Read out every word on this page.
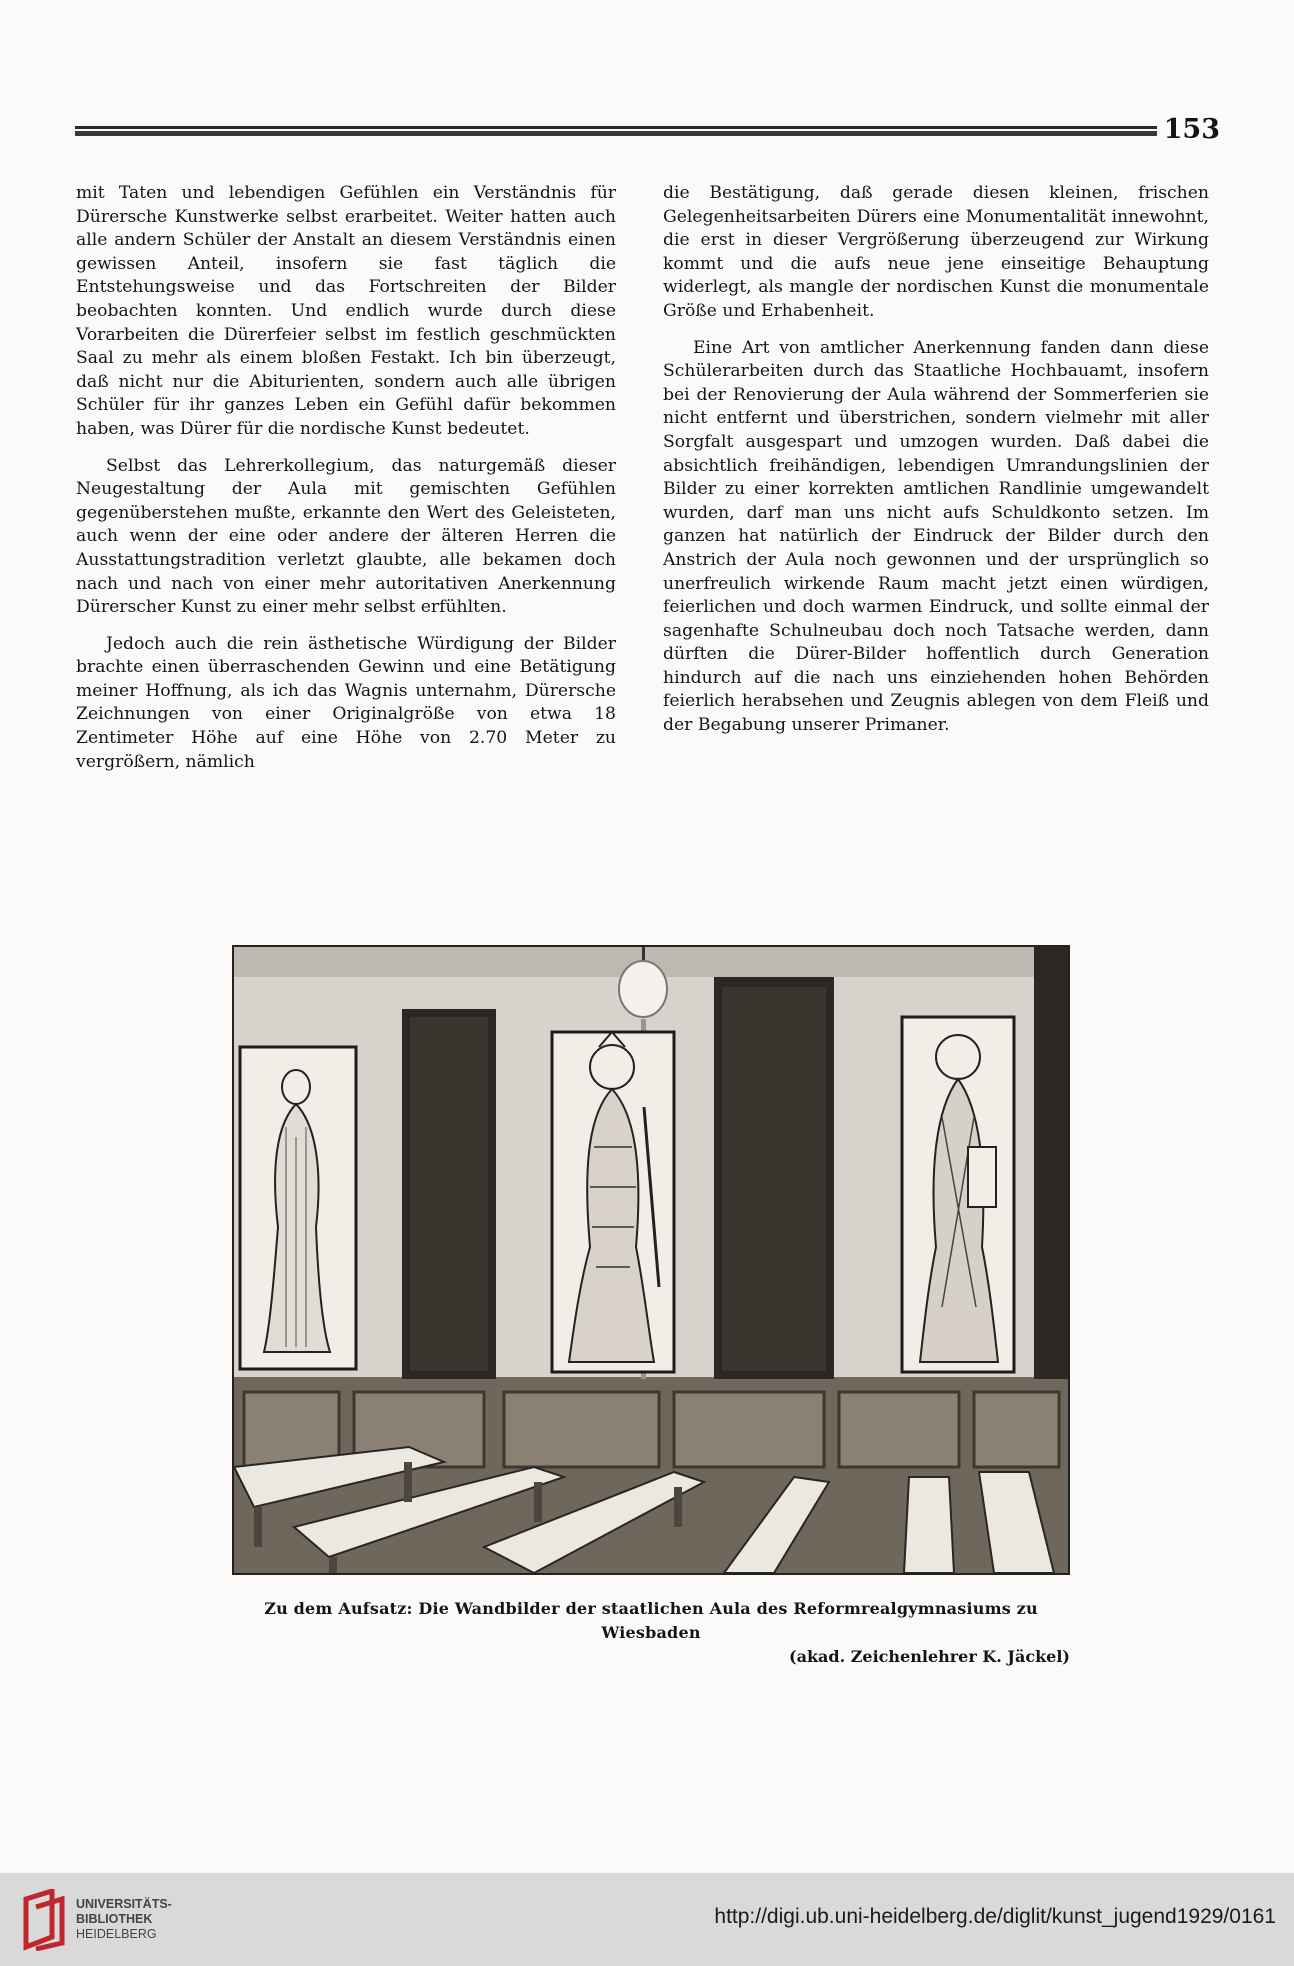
153

mit Taten und lebendigen Gefühlen ein Verständnis für Dürersche Kunstwerke selbst erarbeitet. Weiter hatten auch alle andern Schüler der Anstalt an diesem Verständnis einen gewissen Anteil, insofern sie fast täglich die Entstehungsweise und das Fortschreiten der Bilder beobachten konnten. Und endlich wurde durch diese Vorarbeiten die Dürerfeier selbst im festlich geschmückten Saal zu mehr als einem bloßen Festakt. Ich bin überzeugt, daß nicht nur die Abiturienten, sondern auch alle übrigen Schüler für ihr ganzes Leben ein Gefühl dafür bekommen haben, was Dürer für die nordische Kunst bedeutet.

Selbst das Lehrerkollegium, das naturgemäß dieser Neugestaltung der Aula mit gemischten Gefühlen gegenüberstehen mußte, erkannte den Wert des Geleisteten, auch wenn der eine oder andere der älteren Herren die Ausstattungstradition verletzt glaubte, alle bekamen doch nach und nach von einer mehr autoritativen Anerkennung Dürerscher Kunst zu einer mehr selbst erfühlten.

Jedoch auch die rein ästhetische Würdigung der Bilder brachte einen überraschenden Gewinn und eine Betätigung meiner Hoffnung, als ich das Wagnis unternahm, Dürersche Zeichnungen von einer Originalgröße von etwa 18 Zentimeter Höhe auf eine Höhe von 2.70 Meter zu vergrößern, nämlich

die Bestätigung, daß gerade diesen kleinen, frischen Gelegenheitsarbeiten Dürers eine Monumentalität innewohnt, die erst in dieser Vergrößerung überzeugend zur Wirkung kommt und die aufs neue jene einseitige Behauptung widerlegt, als mangle der nordischen Kunst die monumentale Größe und Erhabenheit.

Eine Art von amtlicher Anerkennung fanden dann diese Schülerarbeiten durch das Staatliche Hochbauamt, insofern bei der Renovierung der Aula während der Sommerferien sie nicht entfernt und überstrichen, sondern vielmehr mit aller Sorgfalt ausgespart und umzogen wurden. Daß dabei die absichtlich freihändigen, lebendigen Umrandungslinien der Bilder zu einer korrekten amtlichen Randlinie umgewandelt wurden, darf man uns nicht aufs Schuldkonto setzen. Im ganzen hat natürlich der Eindruck der Bilder durch den Anstrich der Aula noch gewonnen und der ursprünglich so unerfreulich wirkende Raum macht jetzt einen würdigen, feierlichen und doch warmen Eindruck, und sollte einmal der sagenhafte Schulneubau doch noch Tatsache werden, dann dürften die Dürer-Bilder hoffentlich durch Generation hindurch auf die nach uns einziehenden hohen Behörden feierlich herabsehen und Zeugnis ablegen von dem Fleiß und der Begabung unserer Primaner.

Zu dem Aufsatz: Die Wandbilder der staatlichen Aula des Reformrealgymnasiums zu Wiesbaden
(akad. Zeichenlehrer K. Jäckel)
UNIVERSITÄTS-
BIBLIOTHEK
HEIDELBERG
http://digi.ub.uni-heidelberg.de/diglit/kunst_jugend1929/0161
